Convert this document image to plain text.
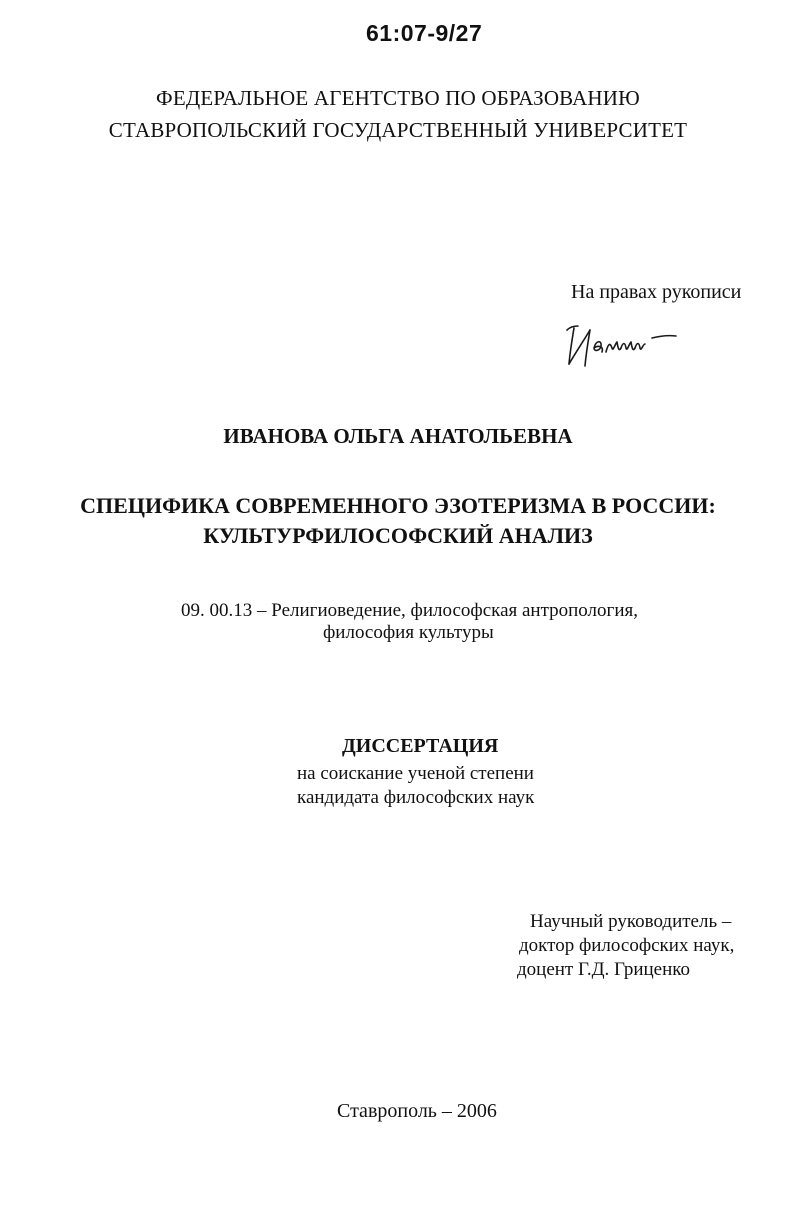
61:07-9/27
ФЕДЕРАЛЬНОЕ АГЕНТСТВО ПО ОБРАЗОВАНИЮ
СТАВРОПОЛЬСКИЙ ГОСУДАРСТВЕННЫЙ УНИВЕРСИТЕТ
На правах рукописи
ИВАНОВА ОЛЬГА АНАТОЛЬЕВНА
СПЕЦИФИКА СОВРЕМЕННОГО ЭЗОТЕРИЗМА В РОССИИ:
КУЛЬТУРФИЛОСОФСКИЙ АНАЛИЗ
09. 00.13 – Религиоведение, философская антропология,
философия культуры
ДИССЕРТАЦИЯ
на соискание ученой степени
кандидата философских наук
Научный руководитель –
доктор философских наук,
доцент Г.Д. Гриценко
Ставрополь – 2006
